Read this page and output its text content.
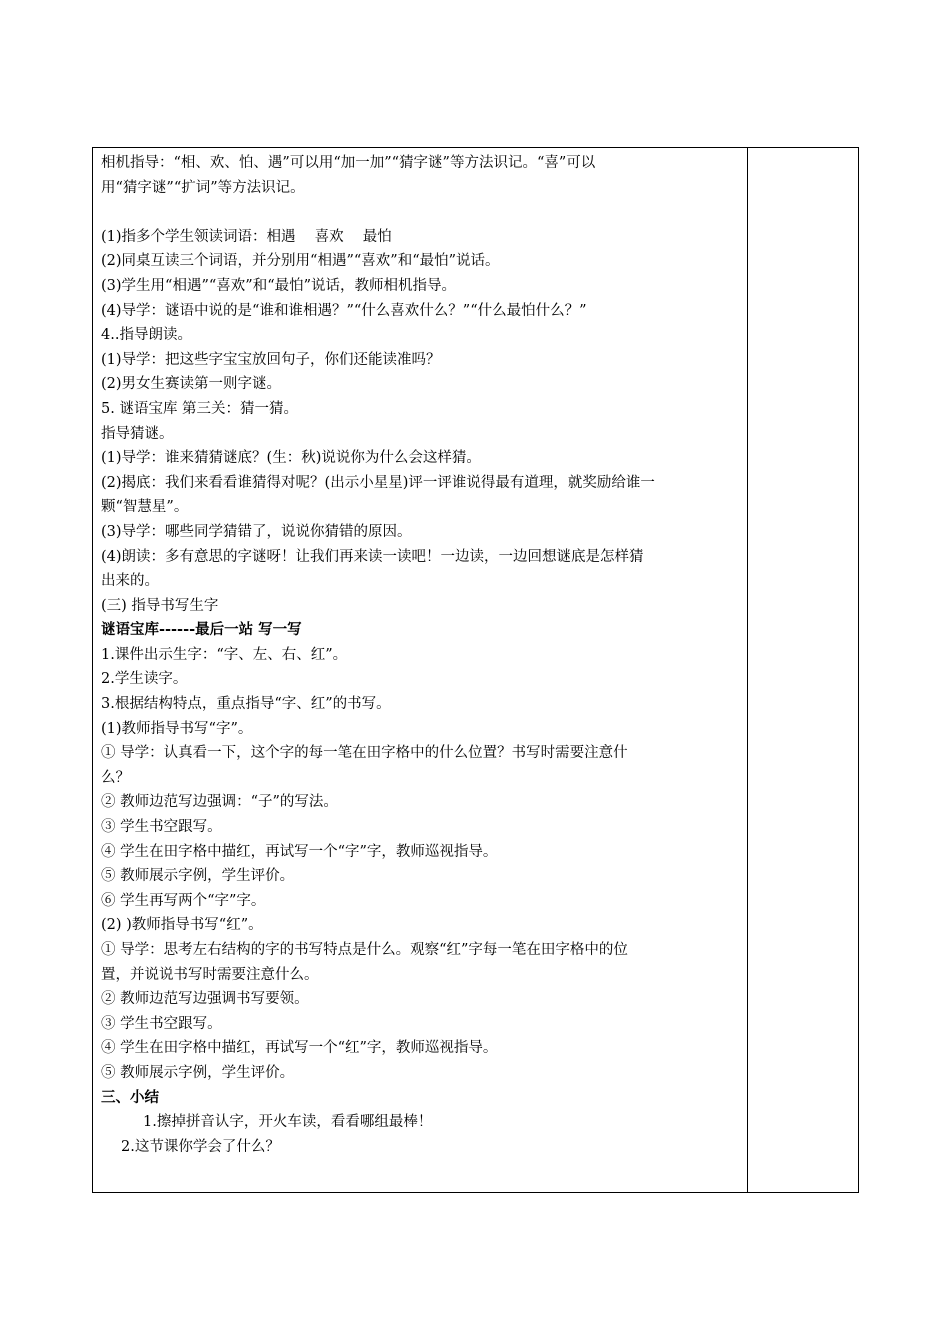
相机指导：“相、欢、怕、遇”可以用“加一加”“猜字谜”等方法识记。“喜”可以
用“猜字谜”“扩词”等方法识记。
(1)指多个学生领读词语：相遇　 喜欢　 最怕
(2)同桌互读三个词语，并分别用“相遇”“喜欢”和“最怕”说话。
(3)学生用“相遇”“喜欢”和“最怕”说话，教师相机指导。
(4)导学：谜语中说的是“谁和谁相遇？”“什么喜欢什么？”“什么最怕什么？”
4..指导朗读。
(1)导学：把这些字宝宝放回句子，你们还能读准吗？
(2)男女生赛读第一则字谜。
5. 谜语宝库 第三关：猜一猜。
指导猜谜。
(1)导学：谁来猜猜谜底？(生：秋)说说你为什么会这样猜。
(2)揭底：我们来看看谁猜得对呢？(出示小星星)评一评谁说得最有道理，就奖励给谁一
颗“智慧星”。
(3)导学：哪些同学猜错了，说说你猜错的原因。
(4)朗读：多有意思的字谜呀！让我们再来读一读吧！一边读，一边回想谜底是怎样猜
出来的。
(三) 指导书写生字
谜语宝库------最后一站 写一写
1.课件出示生字：“字、左、右、红”。
2.学生读字。
3.根据结构特点，重点指导“字、红”的书写。
(1)教师指导书写“字”。
① 导学：认真看一下，这个字的每一笔在田字格中的什么位置？书写时需要注意什
么？
② 教师边范写边强调：“子”的写法。
③ 学生书空跟写。
④ 学生在田字格中描红，再试写一个“字”字，教师巡视指导。
⑤ 教师展示字例，学生评价。
⑥ 学生再写两个“字”字。
(2) )教师指导书写“红”。
① 导学：思考左右结构的字的书写特点是什么。观察“红”字每一笔在田字格中的位
置，并说说书写时需要注意什么。
② 教师边范写边强调书写要领。
③ 学生书空跟写。
④ 学生在田字格中描红，再试写一个“红”字，教师巡视指导。
⑤ 教师展示字例，学生评价。
三、小结
1.擦掉拼音认字，开火车读，看看哪组最棒！
2.这节课你学会了什么？
